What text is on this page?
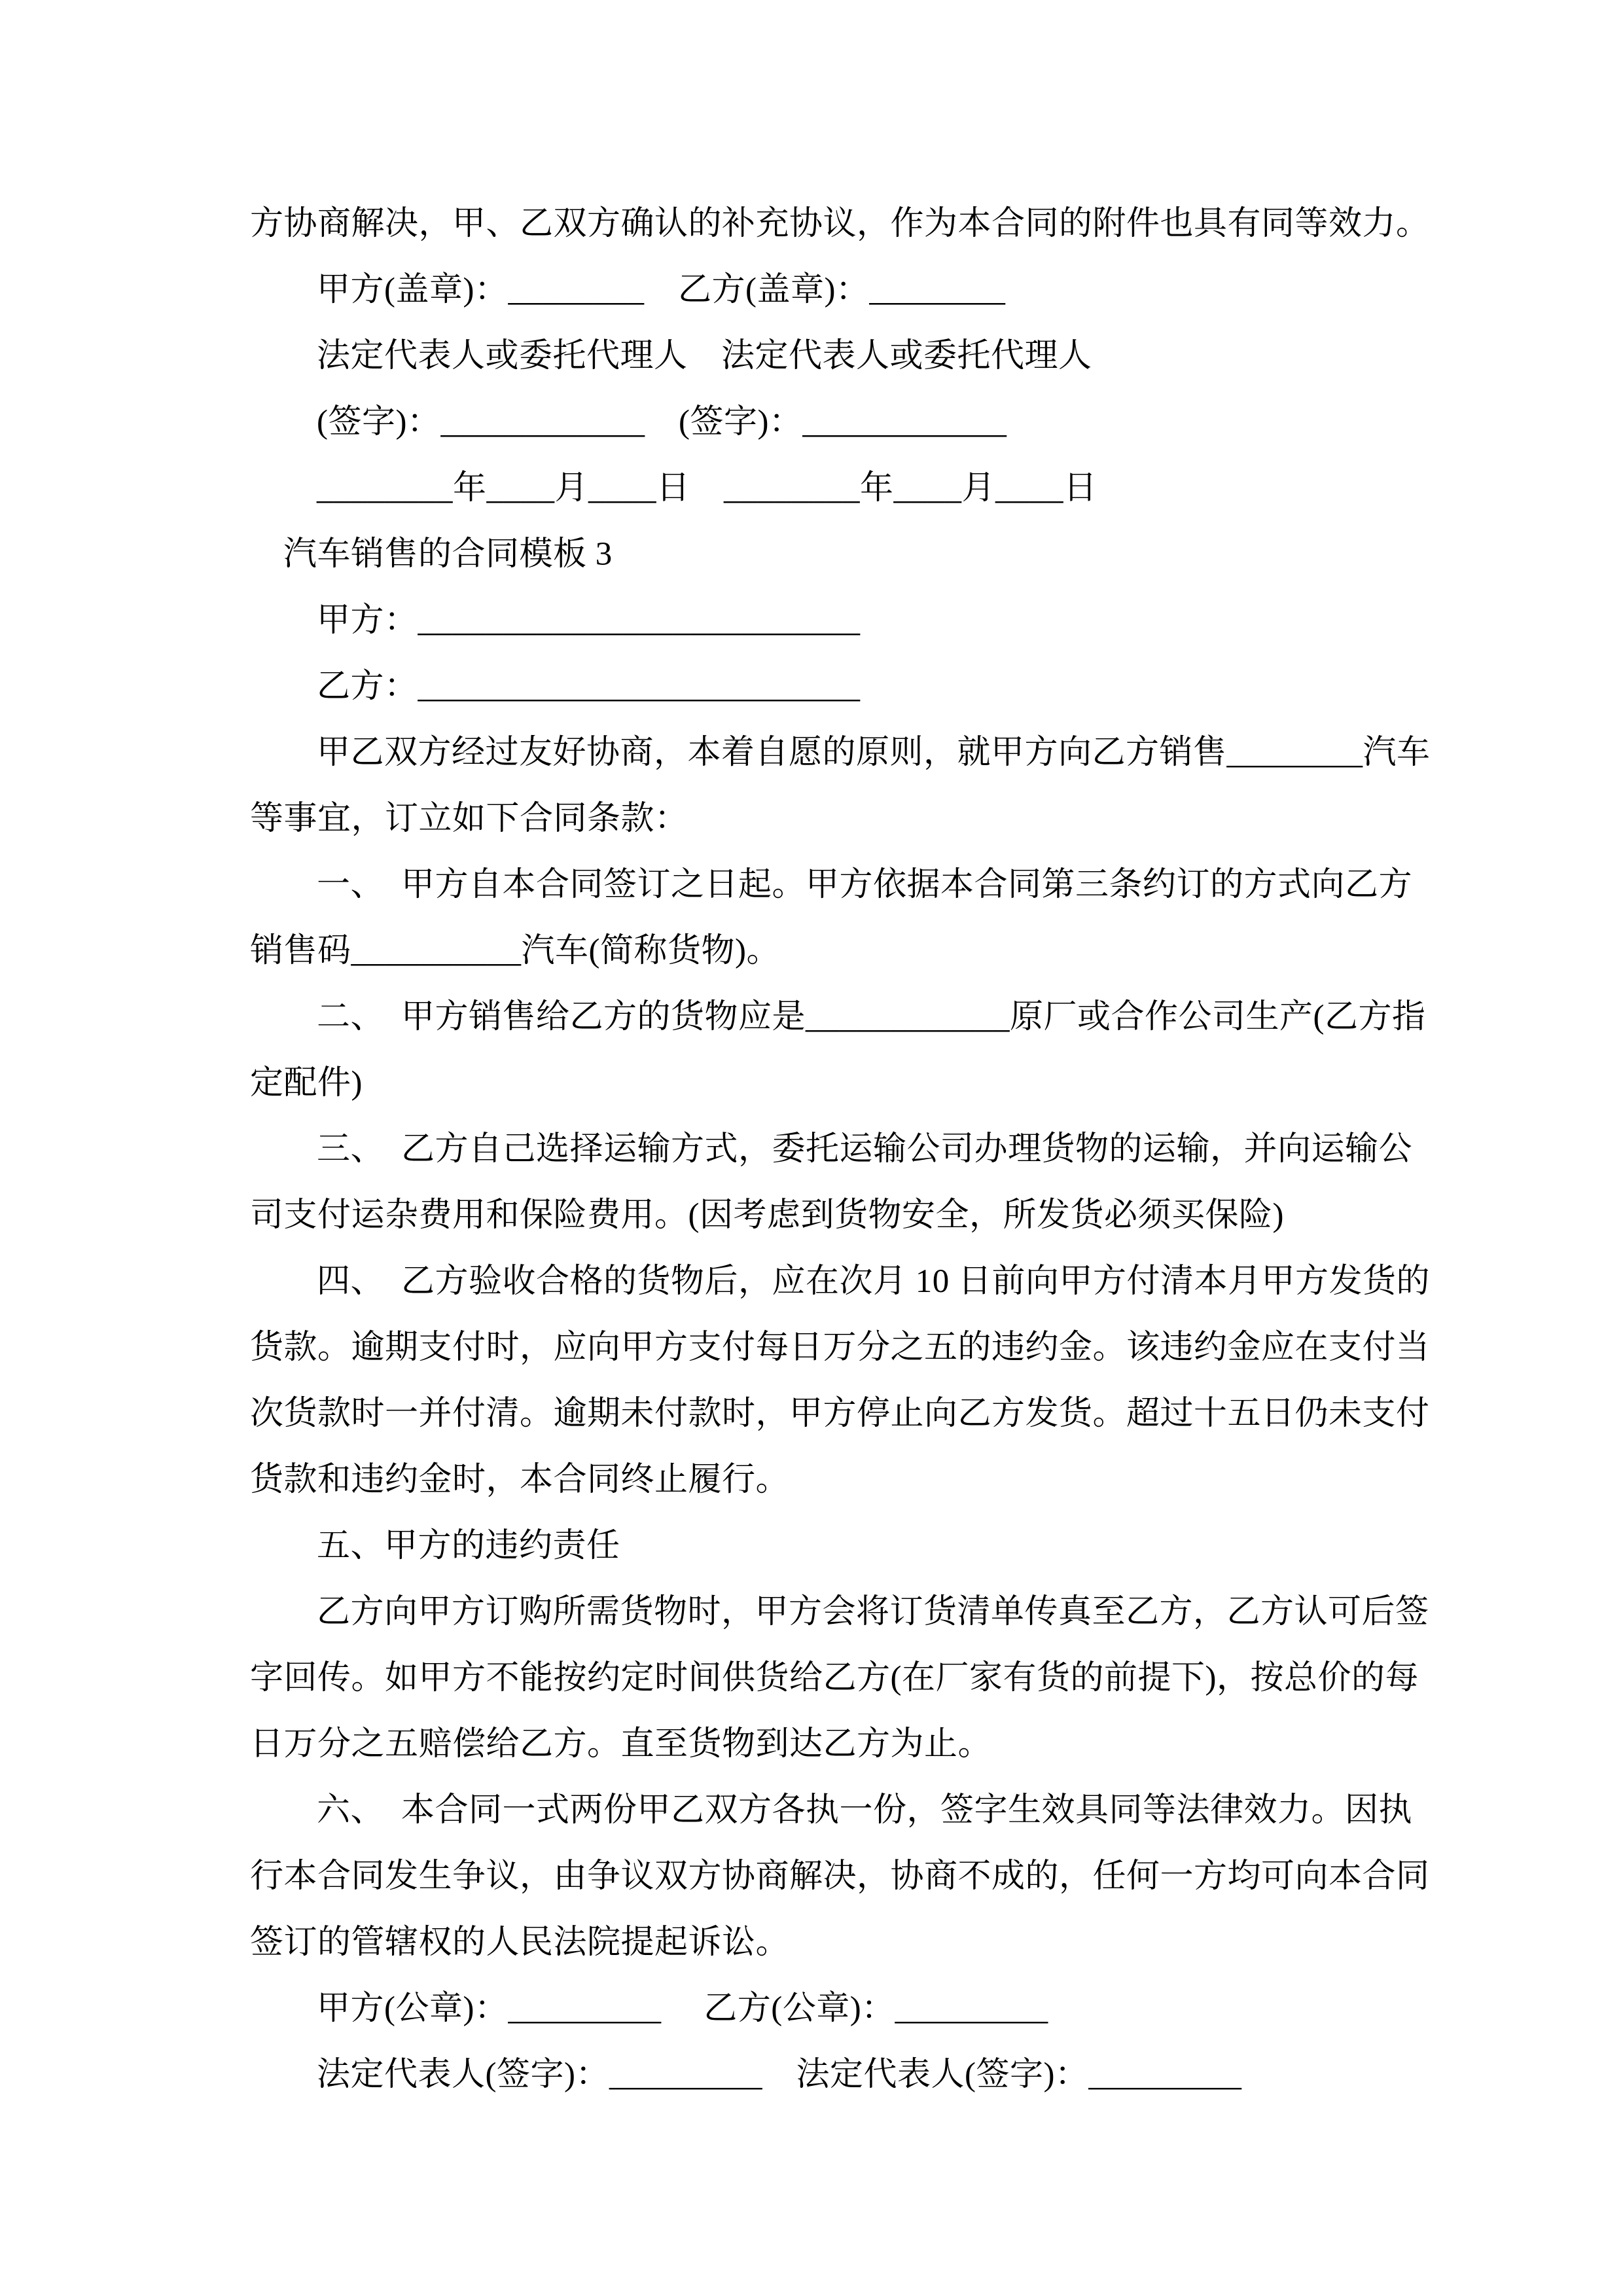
方协商解决，甲、乙双方确认的补充协议，作为本合同的附件也具有同等效力。
甲方(盖章)：________　乙方(盖章)：________
法定代表人或委托代理人　法定代表人或委托代理人
(签字)：____________　(签字)：____________
________年____月____日　________年____月____日
汽车销售的合同模板 3
甲方：__________________________
乙方：__________________________
甲乙双方经过友好协商，本着自愿的原则，就甲方向乙方销售________汽车
等事宜，订立如下合同条款：
一、　甲方自本合同签订之日起。甲方依据本合同第三条约订的方式向乙方
销售码__________汽车(简称货物)。
二、　甲方销售给乙方的货物应是____________原厂或合作公司生产(乙方指
定配件)
三、　乙方自己选择运输方式，委托运输公司办理货物的运输，并向运输公
司支付运杂费用和保险费用。(因考虑到货物安全，所发货必须买保险)
四、　乙方验收合格的货物后，应在次月 10 日前向甲方付清本月甲方发货的
货款。逾期支付时，应向甲方支付每日万分之五的违约金。该违约金应在支付当
次货款时一并付清。逾期未付款时，甲方停止向乙方发货。超过十五日仍未支付
货款和违约金时，本合同终止履行。
五、甲方的违约责任
乙方向甲方订购所需货物时，甲方会将订货清单传真至乙方，乙方认可后签
字回传。如甲方不能按约定时间供货给乙方(在厂家有货的前提下)，按总价的每
日万分之五赔偿给乙方。直至货物到达乙方为止。
六、　本合同一式两份甲乙双方各执一份，签字生效具同等法律效力。因执
行本合同发生争议，由争议双方协商解决，协商不成的，任何一方均可向本合同
签订的管辖权的人民法院提起诉讼。
甲方(公章)：_________　 乙方(公章)：_________
法定代表人(签字)：_________　法定代表人(签字)：_________
